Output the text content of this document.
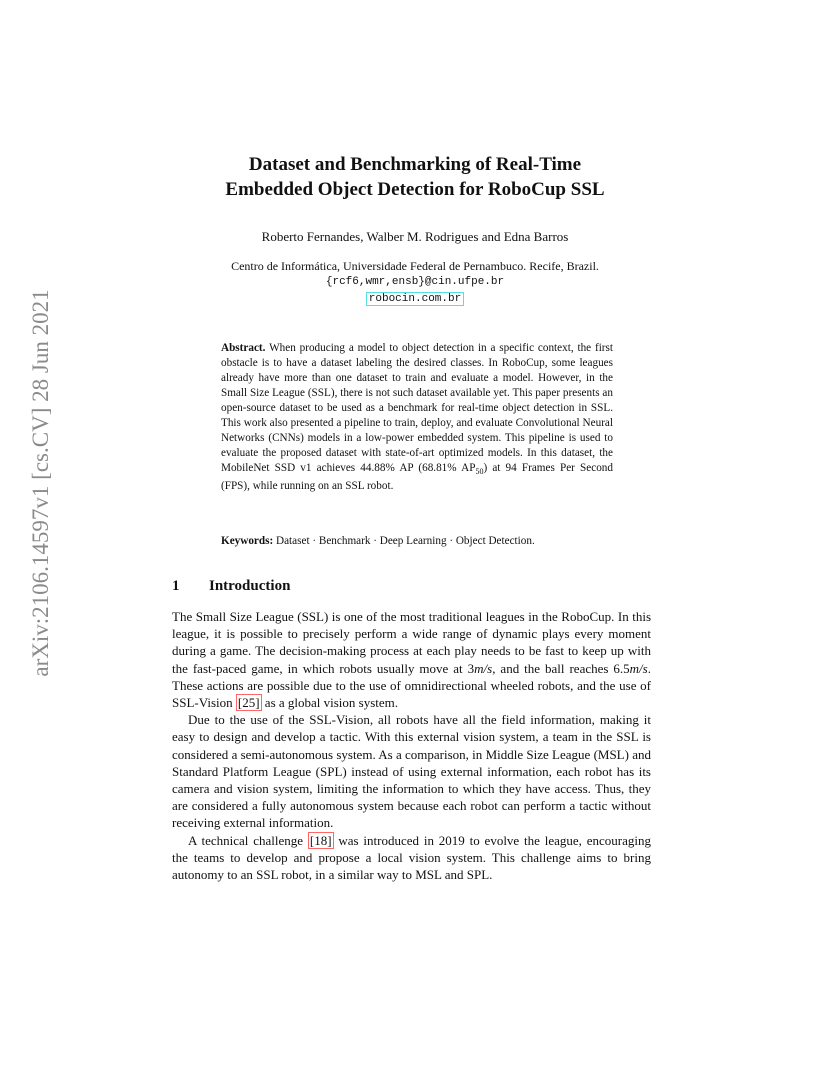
arXiv:2106.14597v1 [cs.CV] 28 Jun 2021
Dataset and Benchmarking of Real-Time
Embedded Object Detection for RoboCup SSL
Roberto Fernandes, Walber M. Rodrigues and Edna Barros
Centro de Informática, Universidade Federal de Pernambuco. Recife, Brazil.
{rcf6,wmr,ensb}@cin.ufpe.br
robocin.com.br
Abstract. When producing a model to object detection in a specific context, the first obstacle is to have a dataset labeling the desired classes. In RoboCup, some leagues already have more than one dataset to train and evaluate a model. However, in the Small Size League (SSL), there is not such dataset available yet. This paper presents an open-source dataset to be used as a benchmark for real-time object detection in SSL. This work also presented a pipeline to train, deploy, and evaluate Convolutional Neural Networks (CNNs) models in a low-power embedded system. This pipeline is used to evaluate the proposed dataset with state-of-art optimized models. In this dataset, the MobileNet SSD v1 achieves 44.88% AP (68.81% $AP_{50}$) at 94 Frames Per Second (FPS), while running on an SSL robot.
Keywords: Dataset · Benchmark · Deep Learning · Object Detection.
1 Introduction

The Small Size League (SSL) is one of the most traditional leagues in the RoboCup. In this league, it is possible to precisely perform a wide range of dynamic plays every moment during a game. The decision-making process at each play needs to be fast to keep up with the fast-paced game, in which robots usually move at 3m/s, and the ball reaches 6.5m/s. These actions are possible due to the use of omnidirectional wheeled robots, and the use of SSL-Vision [25] as a global vision system.

Due to the use of the SSL-Vision, all robots have all the field information, making it easy to design and develop a tactic. With this external vision system, a team in the SSL is considered a semi-autonomous system. As a comparison, in Middle Size League (MSL) and Standard Platform League (SPL) instead of using external information, each robot has its camera and vision system, limiting the information to which they have access. Thus, they are considered a fully autonomous system because each robot can perform a tactic without receiving external information.

A technical challenge [18] was introduced in 2019 to evolve the league, encouraging the teams to develop and propose a local vision system. This challenge aims to bring autonomy to an SSL robot, in a similar way to MSL and SPL.
